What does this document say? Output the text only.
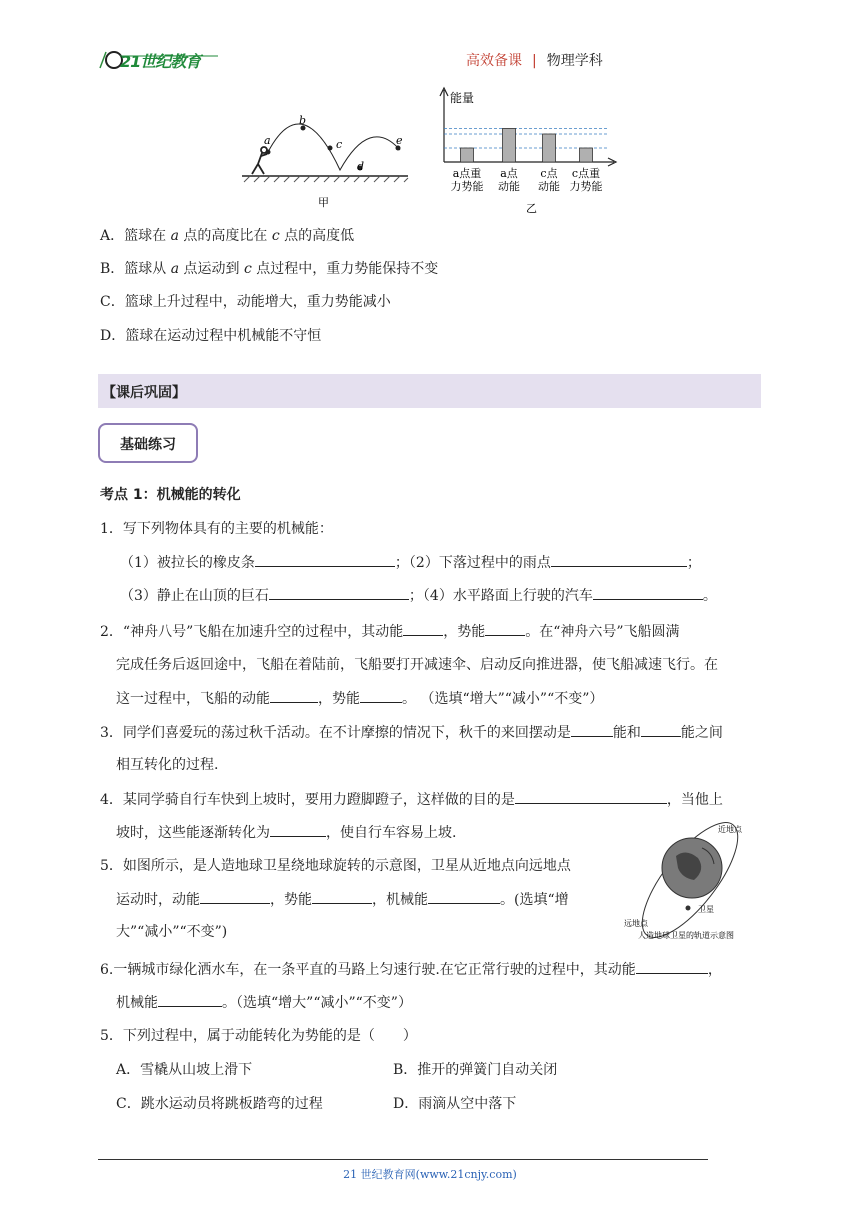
21世纪教育	高效备课 | 物理学科
a
b
c
d
e
甲
能量
a点重
力势能
a点
动能
c点
动能
c点重
力势能
乙
A．篮球在 a 点的高度比在 c 点的高度低
B．篮球从 a 点运动到 c 点过程中，重力势能保持不变
C．篮球上升过程中，动能增大，重力势能减小
D．篮球在运动过程中机械能不守恒
【课后巩固】
基础练习
考点 1：机械能的转化
1．写下列物体具有的主要的机械能：
（1）被拉长的橡皮条	；（2）下落过程中的雨点	；
（3）静止在山顶的巨石	；（4）水平路面上行驶的汽车	。
2．“神舟八号”飞船在加速升空的过程中，其动能	，势能	。在“神舟六号”飞船圆满
完成任务后返回途中，飞船在着陆前，飞船要打开减速伞、启动反向推进器，使飞船减速飞行。在
这一过程中，飞船的动能	，势能	。 （选填“增大”“减小”“不变”）
3．同学们喜爱玩的荡过秋千活动。在不计摩擦的情况下，秋千的来回摆动是	能和	能之间
相互转化的过程.
4．某同学骑自行车快到上坡时，要用力蹬脚蹬子，这样做的目的是	，当他上
坡时，这些能逐渐转化为	，使自行车容易上坡.
5．如图所示，是人造地球卫星绕地球旋转的示意图，卫星从近地点向远地点
运动时，动能	，势能	，机械能	。(选填“增
大”“减小”“不变”)
近地点
远地点
卫星
人造地球卫星的轨道示意图
6.一辆城市绿化洒水车，在一条平直的马路上匀速行驶.在它正常行驶的过程中，其动能	，
机械能	。（选填“增大”“减小”“不变”）
5．下列过程中，属于动能转化为势能的是（　　）
A．雪橇从山坡上滑下	B．推开的弹簧门自动关闭
C．跳水运动员将跳板踏弯的过程	D．雨滴从空中落下
21 世纪教育网(www.21cnjy.com)
